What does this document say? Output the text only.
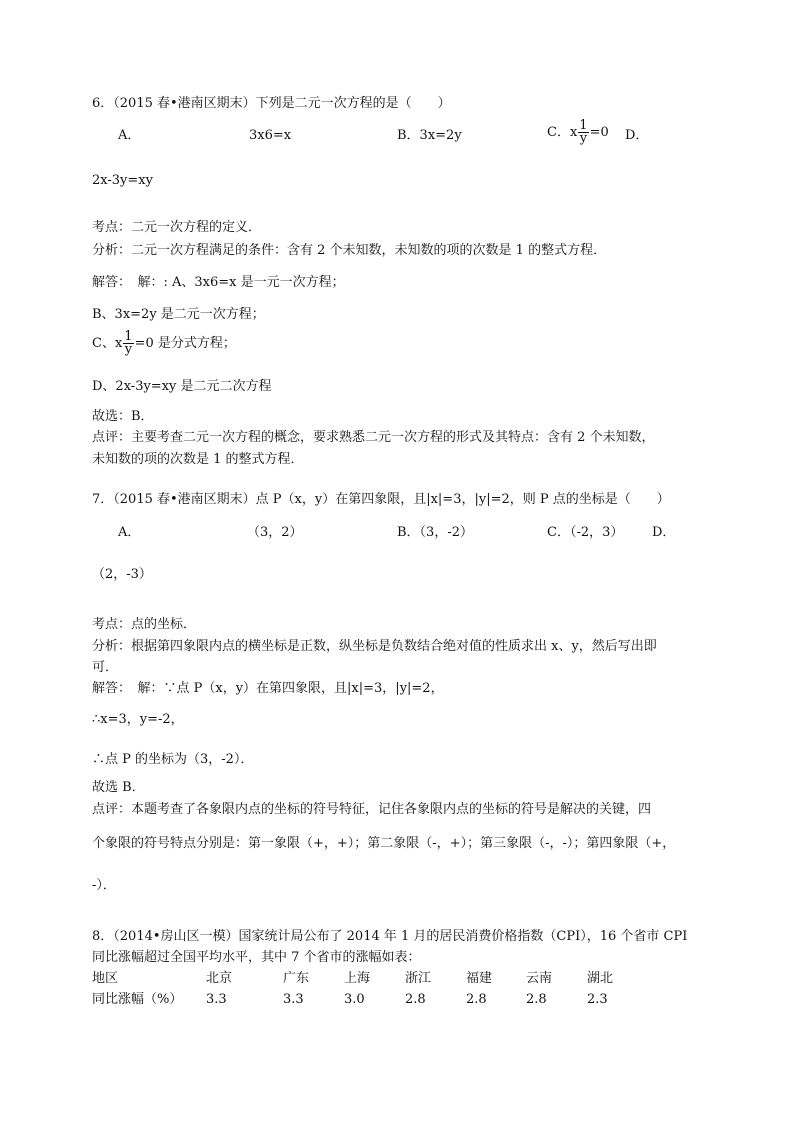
6．（2015 春•港南区期末）下列是二元一次方程的是（　　）
A．	3x6=x	B．3x=2y	C．x $\frac{1}{y} =0$ D．
2x-3y=xy
考点：二元一次方程的定义．
分析：二元一次方程满足的条件：含有 2 个未知数，未知数的项的次数是 1 的整式方程．
解答：　解：: A、3x6=x 是一元一次方程；
B、3x=2y 是二元一次方程；
C、x $\frac{1}{y} =0$ 是分式方程；
D、2x-3y=xy 是二元二次方程
故选：B．
点评：主要考查二元一次方程的概念，要求熟悉二元一次方程的形式及其特点：含有 2 个未知数，
未知数的项的次数是 1 的整式方程．
7．（2015 春•港南区期末）点 P（x，y）在第四象限，且|x|=3，|y|=2，则 P 点的坐标是（　　）
A．	（3，2）	B．（3，-2）	C．（-2，3） D．
（2，-3）
考点：点的坐标．
分析：根据第四象限内点的横坐标是正数，纵坐标是负数结合绝对值的性质求出 x、y，然后写出即
可．
解答：　解：∵点 P（x，y）在第四象限，且|x|=3，|y|=2，
∴x=3，y=-2，
∴点 P 的坐标为（3，-2）．
故选 B．
点评：本题考查了各象限内点的坐标的符号特征，记住各象限内点的坐标的符号是解决的关键，四
个象限的符号特点分别是：第一象限（+，+）；第二象限（-，+）；第三象限（-，-）；第四象限（+，
-）．
8．（2014•房山区一模）国家统计局公布了 2014 年 1 月的居民消费价格指数（CPI），16 个省市 CPI
同比涨幅超过全国平均水平，其中 7 个省市的涨幅如表：
地区	北京	广东	上海	浙江	福建	云南	湖北
同比涨幅（%） 3.3	3.3	3.0	2.8	2.8	2.8	2.3
